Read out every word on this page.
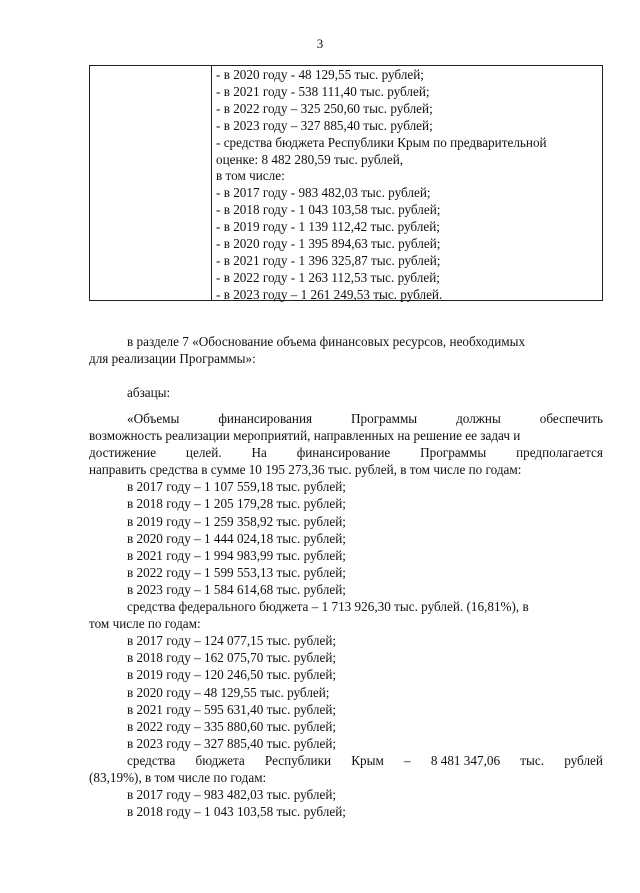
3
- в 2020 году - 48 129,55 тыс. рублей;
- в 2021 году - 538 111,40 тыс. рублей;
- в 2022 году – 325 250,60 тыс. рублей;
- в 2023 году – 327 885,40 тыс. рублей;
- средства бюджета Республики Крым по предварительной
оценке: 8 482 280,59 тыс. рублей,
в том числе:
- в 2017 году - 983 482,03 тыс. рублей;
- в 2018 году - 1 043 103,58 тыс. рублей;
- в 2019 году - 1 139 112,42 тыс. рублей;
- в 2020 году - 1 395 894,63 тыс. рублей;
- в 2021 году - 1 396 325,87 тыс. рублей;
- в 2022 году - 1 263 112,53 тыс. рублей;
- в 2023 году – 1 261 249,53 тыс. рублей.
в разделе 7 «Обоснование объема финансовых ресурсов, необходимых
для реализации Программы»:
абзацы:
«Объемы	финансирования	Программы	должны	обеспечить
возможность реализации мероприятий, направленных на решение ее задач и
достижение целей. На финансирование Программы предполагается
направить средства в сумме 10 195 273,36 тыс. рублей, в том числе по годам:
в 2017 году – 1 107 559,18 тыс. рублей;
в 2018 году – 1 205 179,28 тыс. рублей;
в 2019 году – 1 259 358,92 тыс. рублей;
в 2020 году – 1 444 024,18 тыс. рублей;
в 2021 году – 1 994 983,99 тыс. рублей;
в 2022 году – 1 599 553,13 тыс. рублей;
в 2023 году – 1 584 614,68 тыс. рублей;
средства федерального бюджета – 1 713 926,30 тыс. рублей. (16,81%), в
том числе по годам:
в 2017 году – 124 077,15 тыс. рублей;
в 2018 году – 162 075,70 тыс. рублей;
в 2019 году – 120 246,50 тыс. рублей;
в 2020 году – 48 129,55 тыс. рублей;
в 2021 году – 595 631,40 тыс. рублей;
в 2022 году – 335 880,60 тыс. рублей;
в 2023 году – 327 885,40 тыс. рублей;
средства бюджета Республики Крым – 8 481 347,06 тыс. рублей
(83,19%), в том числе по годам:
в 2017 году – 983 482,03 тыс. рублей;
в 2018 году – 1 043 103,58 тыс. рублей;
